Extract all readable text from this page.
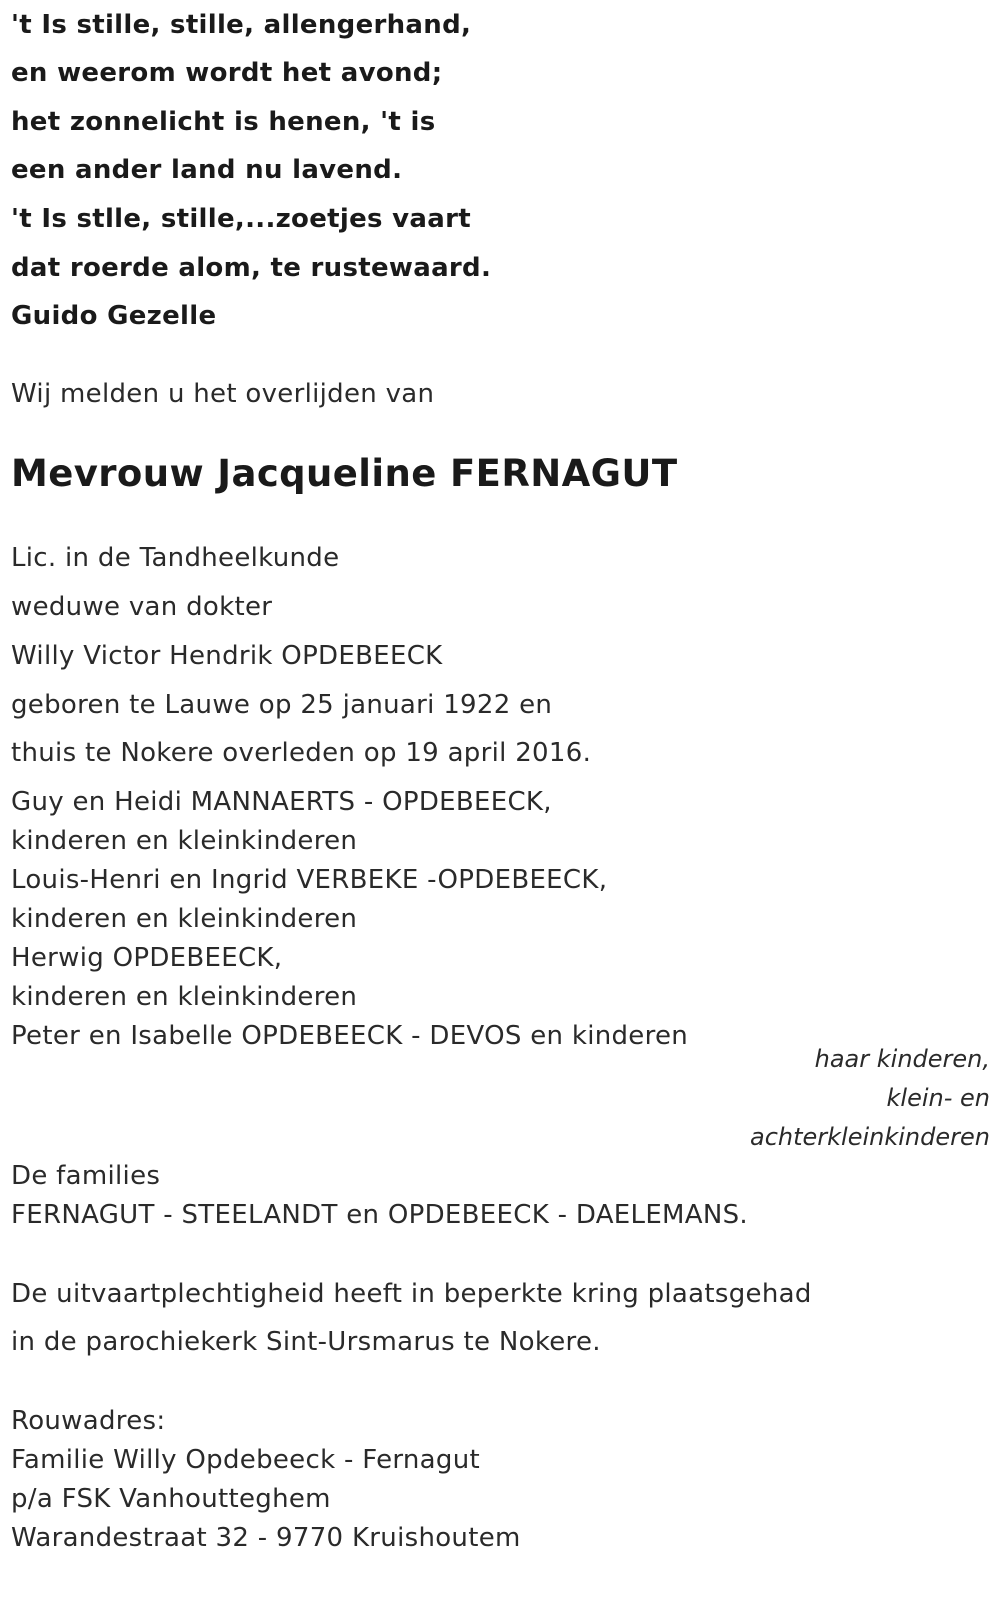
't Is stille, stille, allengerhand,
en weerom wordt het avond;
het zonnelicht is henen, 't is
een ander land nu lavend.
't Is stlle, stille,...zoetjes vaart
dat roerde alom, te rustewaard.
Guido Gezelle
Wij melden u het overlijden van
Mevrouw Jacqueline FERNAGUT
Lic. in de Tandheelkunde
weduwe van dokter
Willy Victor Hendrik OPDEBEECK
geboren te Lauwe op 25 januari 1922 en
thuis te Nokere overleden op 19 april 2016.
Guy en Heidi MANNAERTS - OPDEBEECK,
kinderen en kleinkinderen
Louis-Henri en Ingrid VERBEKE -OPDEBEECK,
kinderen en kleinkinderen
Herwig OPDEBEECK,
kinderen en kleinkinderen
Peter en Isabelle OPDEBEECK - DEVOS en kinderen
haar kinderen,
klein- en
achterkleinkinderen
De families
FERNAGUT - STEELANDT en OPDEBEECK - DAELEMANS.
De uitvaartplechtigheid heeft in beperkte kring plaatsgehad
in de parochiekerk Sint-Ursmarus te Nokere.
Rouwadres:
Familie Willy Opdebeeck - Fernagut
p/a FSK Vanhoutteghem
Warandestraat 32 - 9770 Kruishoutem
